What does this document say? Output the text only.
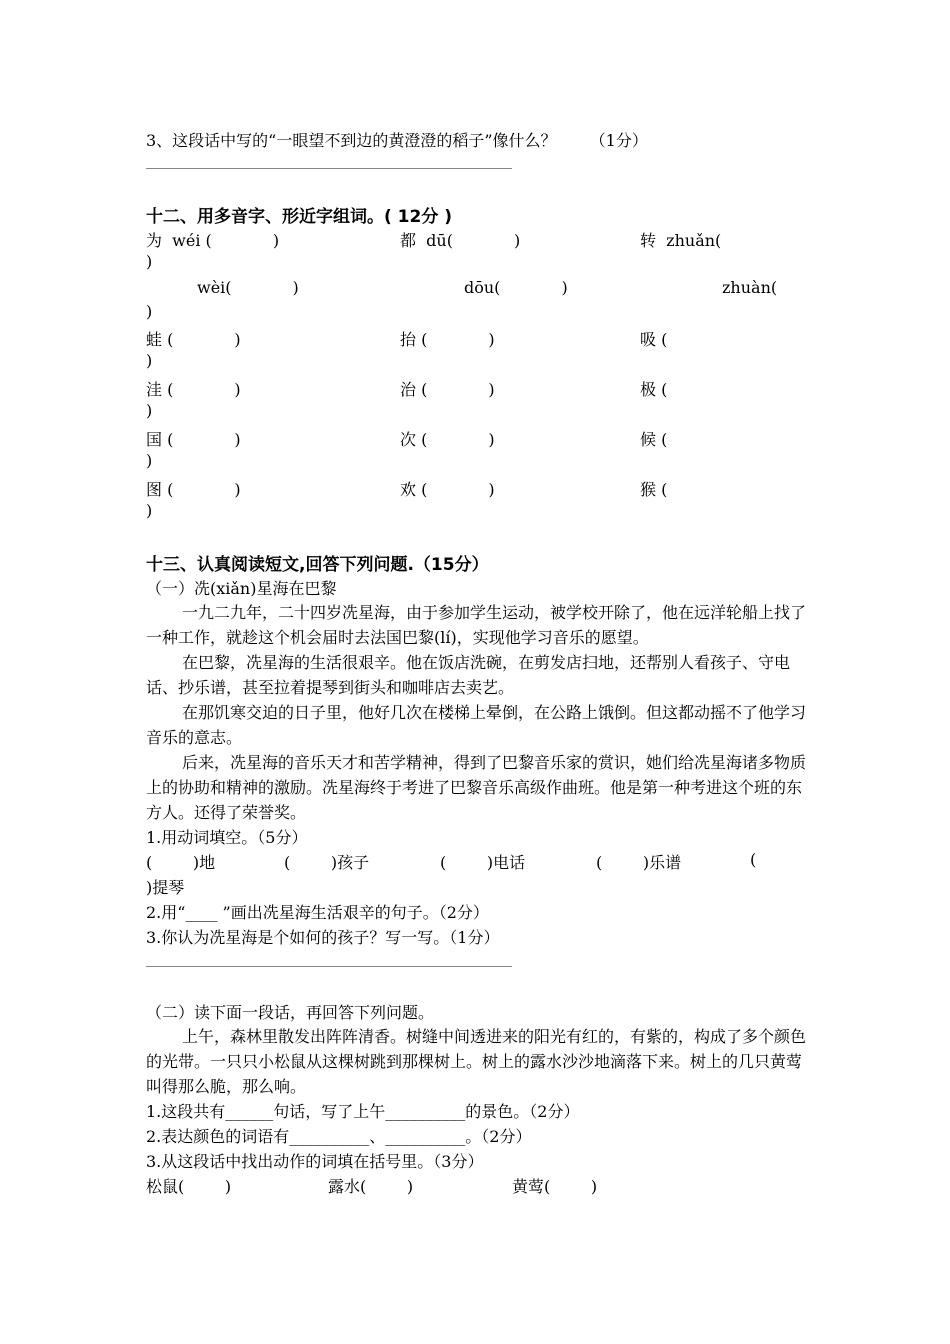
3、这段话中写的“一眼望不到边的黄澄澄的稻子”像什么？ （1分）
十二、用多音字、形近字组词。( 12分 )
为  wéi (            )	都  dū(            )	转  zhuǎn(
)
wèi(            )	dōu(            )	zhuàn(
)
蛙 (            )	抬 (            )	吸 (
)
洼 (            )	治 (            )	极 (
)
国 (            )	次 (            )	候 (
)
图 (            )	欢 (            )	猴 (
)
十三、认真阅读短文,回答下列问题.（15分）
（一）冼(xiǎn)星海在巴黎
一九二九年，二十四岁冼星海，由于参加学生运动，被学校开除了，他在远洋轮船上找了一种工作，就趁这个机会届时去法国巴黎(lí)，实现他学习音乐的愿望。
在巴黎，冼星海的生活很艰辛。他在饭店洗碗，在剪发店扫地，还帮别人看孩子、守电话、抄乐谱，甚至拉着提琴到街头和咖啡店去卖艺。
在那饥寒交迫的日子里，他好几次在楼梯上晕倒，在公路上饿倒。但这都动摇不了他学习音乐的意志。
后来，冼星海的音乐天才和苦学精神，得到了巴黎音乐家的赏识，她们给冼星海诸多物质上的协助和精神的激励。冼星海终于考进了巴黎音乐高级作曲班。他是第一种考进这个班的东方人。还得了荣誉奖。
1.用动词填空。（5分）
(        )地	(        )孩子	(        )电话	(        )乐谱	(
)提琴
2.用“____ ”画出冼星海生活艰辛的句子。（2分）
3.你认为冼星海是个如何的孩子？写一写。（1分）
（二）读下面一段话，再回答下列问题。
上午，森林里散发出阵阵清香。树缝中间透进来的阳光有红的，有紫的，构成了多个颜色的光带。一只只小松鼠从这棵树跳到那棵树上。树上的露水沙沙地滴落下来。树上的几只黄莺叫得那么脆，那么响。
1.这段共有______句话，写了上午__________的景色。（2分）
2.表达颜色的词语有__________、__________。（2分）
3.从这段话中找出动作的词填在括号里。（3分）
松鼠(        )	露水(        )	黄莺(        )
